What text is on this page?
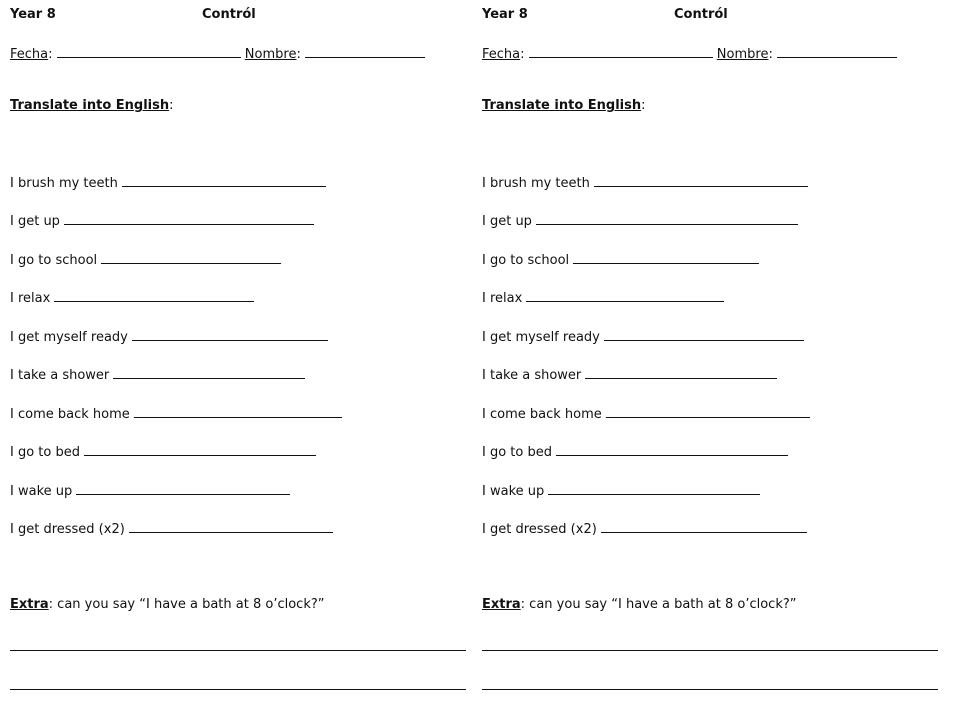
Year 8	Contról
Fecha:	Nombre:
Translate into English:
I brush my teeth
I get up
I go to school
I relax
I get myself ready
I take a shower
I come back home
I go to bed
I wake up
I get dressed (x2)
Extra: can you say “I have a bath at 8 o’clock?”
Year 8	Contról
Fecha:	Nombre:
Translate into English:
I brush my teeth
I get up
I go to school
I relax
I get myself ready
I take a shower
I come back home
I go to bed
I wake up
I get dressed (x2)
Extra: can you say “I have a bath at 8 o’clock?”
